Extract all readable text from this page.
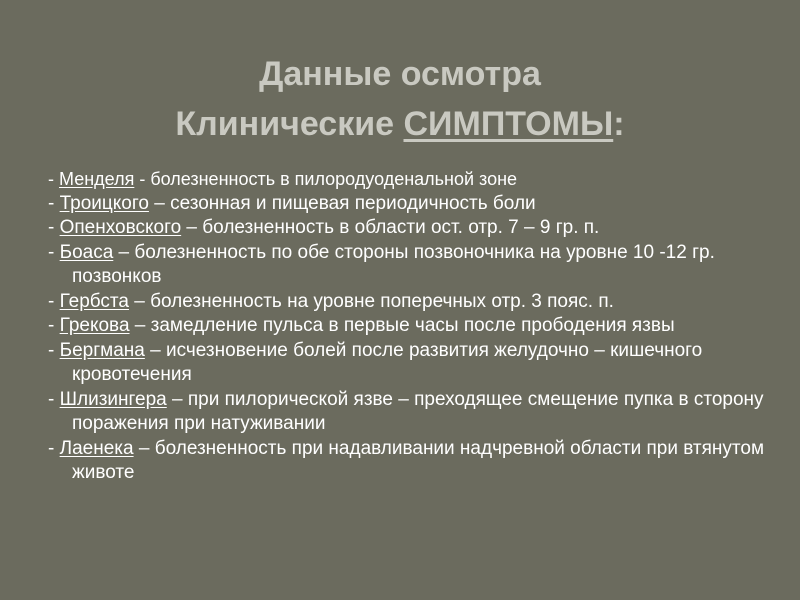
Данные осмотра
Клинические СИМПТОМЫ:
- Менделя - болезненность в пилородуоденальной зоне
- Троицкого – сезонная и пищевая периодичность боли
- Опенховского – болезненность в области ост. отр. 7 – 9 гр. п.
- Боаса – болезненность по обе стороны позвоночника на уровне 10 -12 гр. позвонков
- Гербста – болезненность на уровне поперечных отр. 3 пояс. п.
- Грекова – замедление пульса в первые часы после прободения язвы
- Бергмана – исчезновение болей после развития желудочно – кишечного кровотечения
- Шлизингера – при пилорической язве – преходящее смещение пупка в сторону поражения при натуживании
- Лаенека – болезненность при надавливании надчревной области при втянутом животе
